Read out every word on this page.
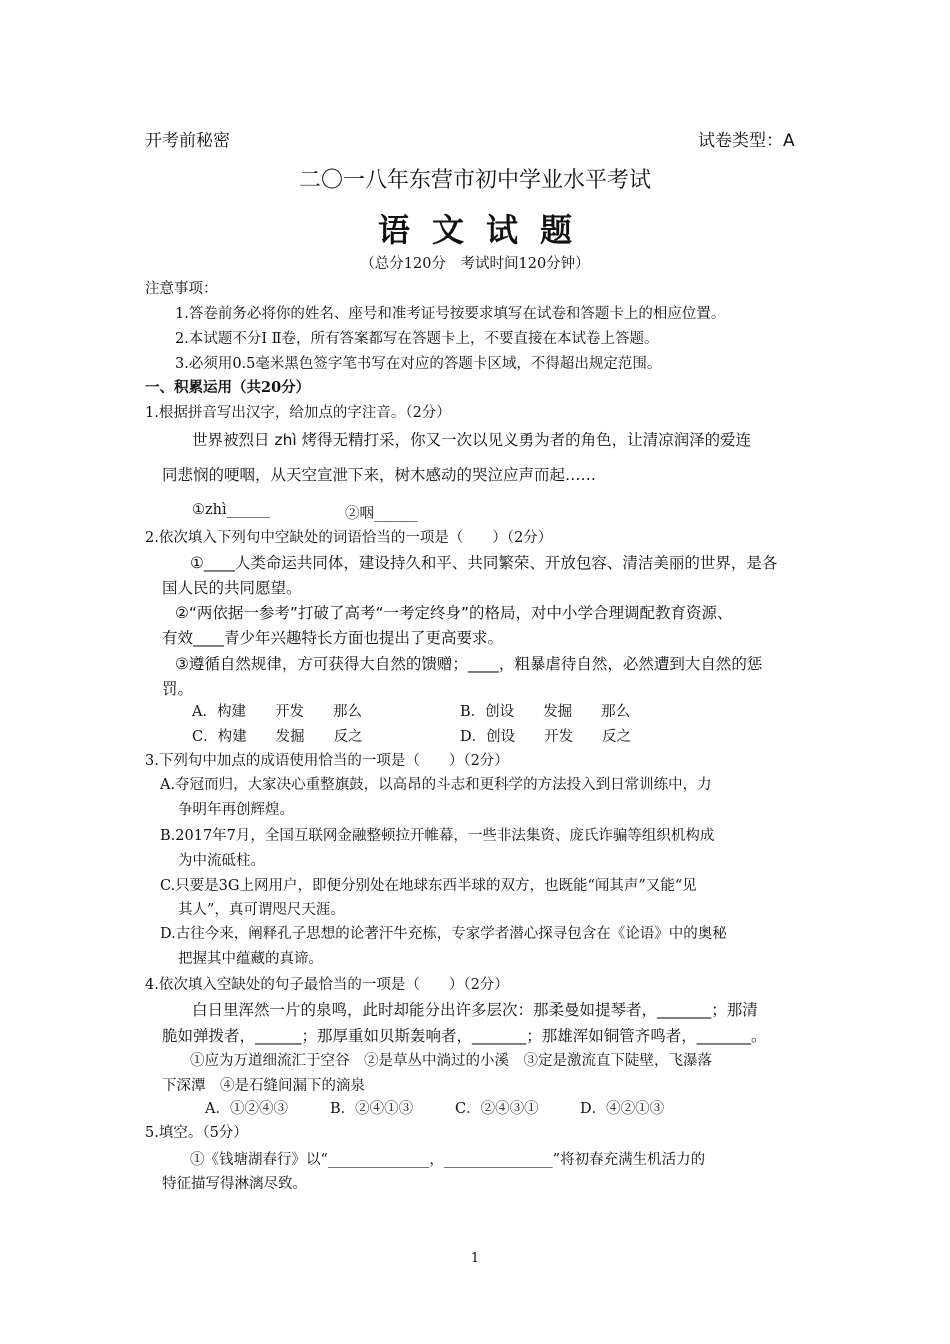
开考前秘密	试卷类型：A
二〇一八年东营市初中学业水平考试
语文试题
（总分120分　考试时间120分钟）
注意事项：
1.答卷前务必将你的姓名、座号和准考证号按要求填写在试卷和答题卡上的相应位置。
2.本试题不分Ⅰ Ⅱ卷，所有答案都写在答题卡上，不要直接在本试卷上答题。
3.必须用0.5毫米黑色签字笔书写在对应的答题卡区域，不得超出规定范围。
一、积累运用（共20分）
1.根据拼音写出汉字，给加点的字注音。（2分）
世界被烈日 zhì 烤得无精打采，你又一次以见义勇为者的角色，让清凉润泽的爱连
同悲悯的哽咽，从天空宣泄下来，树木感动的哭泣应声而起……
①zhì______	②咽______
2.依次填入下列句中空缺处的词语恰当的一项是（　　）（2分）
①____人类命运共同体，建设持久和平、共同繁荣、开放包容、清洁美丽的世界，是各
国人民的共同愿望。
②“两依据一参考”打破了高考“一考定终身”的格局，对中小学合理调配教育资源、
有效____青少年兴趣特长方面也提出了更高要求。
③遵循自然规律，方可获得大自然的馈赠；____，粗暴虐待自然，必然遭到大自然的惩
罚。
A．构建　　开发　　那么	B．创设　　发掘　　那么
C．构建　　发掘　　反之	D．创设　　开发　　反之
3.下列句中加点的成语使用恰当的一项是（　　）（2分）
A.夺冠而归，大家决心重整旗鼓，以高昂的斗志和更科学的方法投入到日常训练中，力
争明年再创辉煌。
B.2017年7月，全国互联网金融整顿拉开帷幕，一些非法集资、庞氏诈骗等组织机构成
为中流砥柱。
C.只要是3G上网用户，即便分别处在地球东西半球的双方，也既能“闻其声”又能“见
其人”，真可谓咫尺天涯。
D.古往今来，阐释孔子思想的论著汗牛充栋，专家学者潜心探寻包含在《论语》中的奥秘
把握其中蕴藏的真谛。
4.依次填入空缺处的句子最恰当的一项是（　　）（2分）
白日里浑然一片的泉鸣，此时却能分出许多层次：那柔曼如提琴者，_______；那清
脆如弹拨者，______；那厚重如贝斯轰响者，_______；那雄浑如铜管齐鸣者，_______。
①应为万道细流汇于空谷　②是草丛中淌过的小溪　③定是激流直下陡壁，飞瀑落
下深潭　④是石缝间漏下的滴泉
A．①②④③	B．②④①③	C．②④③①	D．④②①③
5.填空。（5分）
①《钱塘湖春行》以“______________，_______________”将初春充满生机活力的
特征描写得淋漓尽致。
1
